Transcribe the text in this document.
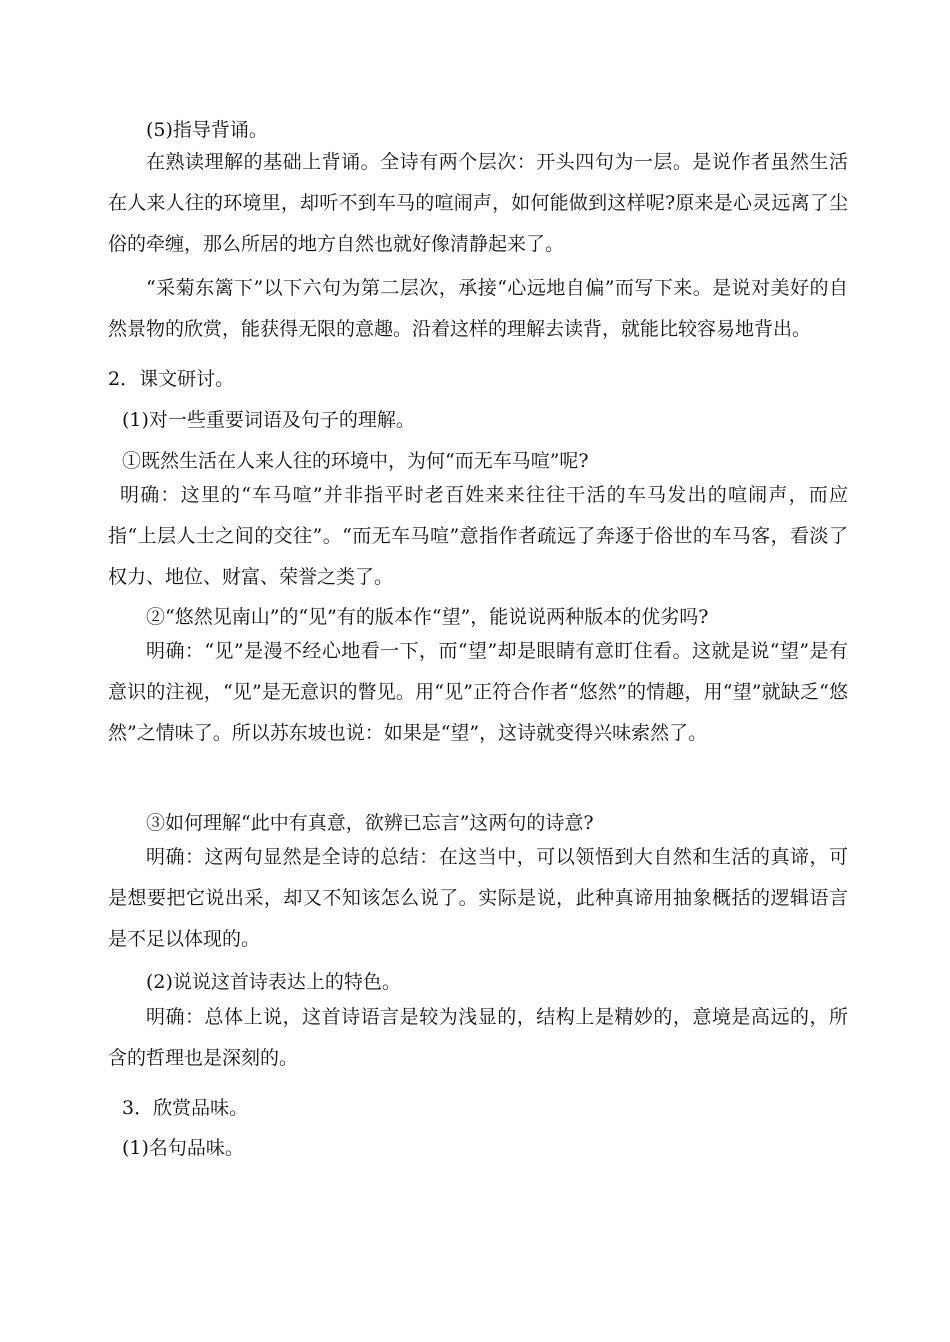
(5)指导背诵。
在熟读理解的基础上背诵。全诗有两个层次：开头四句为一层。是说作者虽然生活在人来人往的环境里，却听不到车马的喧闹声，如何能做到这样呢?原来是心灵远离了尘俗的牵缠，那么所居的地方自然也就好像清静起来了。
“采菊东篱下”以下六句为第二层次，承接“心远地自偏”而写下来。是说对美好的自然景物的欣赏，能获得无限的意趣。沿着这样的理解去读背，就能比较容易地背出。
2．课文研讨。
(1)对一些重要词语及句子的理解。
①既然生活在人来人往的环境中，为何“而无车马喧”呢?
明确：这里的“车马喧”并非指平时老百姓来来往往干活的车马发出的喧闹声，而应指“上层人士之间的交往”。“而无车马喧”意指作者疏远了奔逐于俗世的车马客，看淡了权力、地位、财富、荣誉之类了。
②“悠然见南山”的“见”有的版本作“望”，能说说两种版本的优劣吗?
明确：“见”是漫不经心地看一下，而“望”却是眼睛有意盯住看。这就是说“望”是有意识的注视，“见”是无意识的瞥见。用“见”正符合作者“悠然”的情趣，用“望”就缺乏“悠然”之情味了。所以苏东坡也说：如果是“望”，这诗就变得兴味索然了。
③如何理解“此中有真意，欲辨已忘言”这两句的诗意?
明确：这两句显然是全诗的总结：在这当中，可以领悟到大自然和生活的真谛，可是想要把它说出采，却又不知该怎么说了。实际是说，此种真谛用抽象概括的逻辑语言是不足以体现的。
(2)说说这首诗表达上的特色。
明确：总体上说，这首诗语言是较为浅显的，结构上是精妙的，意境是高远的，所含的哲理也是深刻的。
3．欣赏品味。
(1)名句品味。
